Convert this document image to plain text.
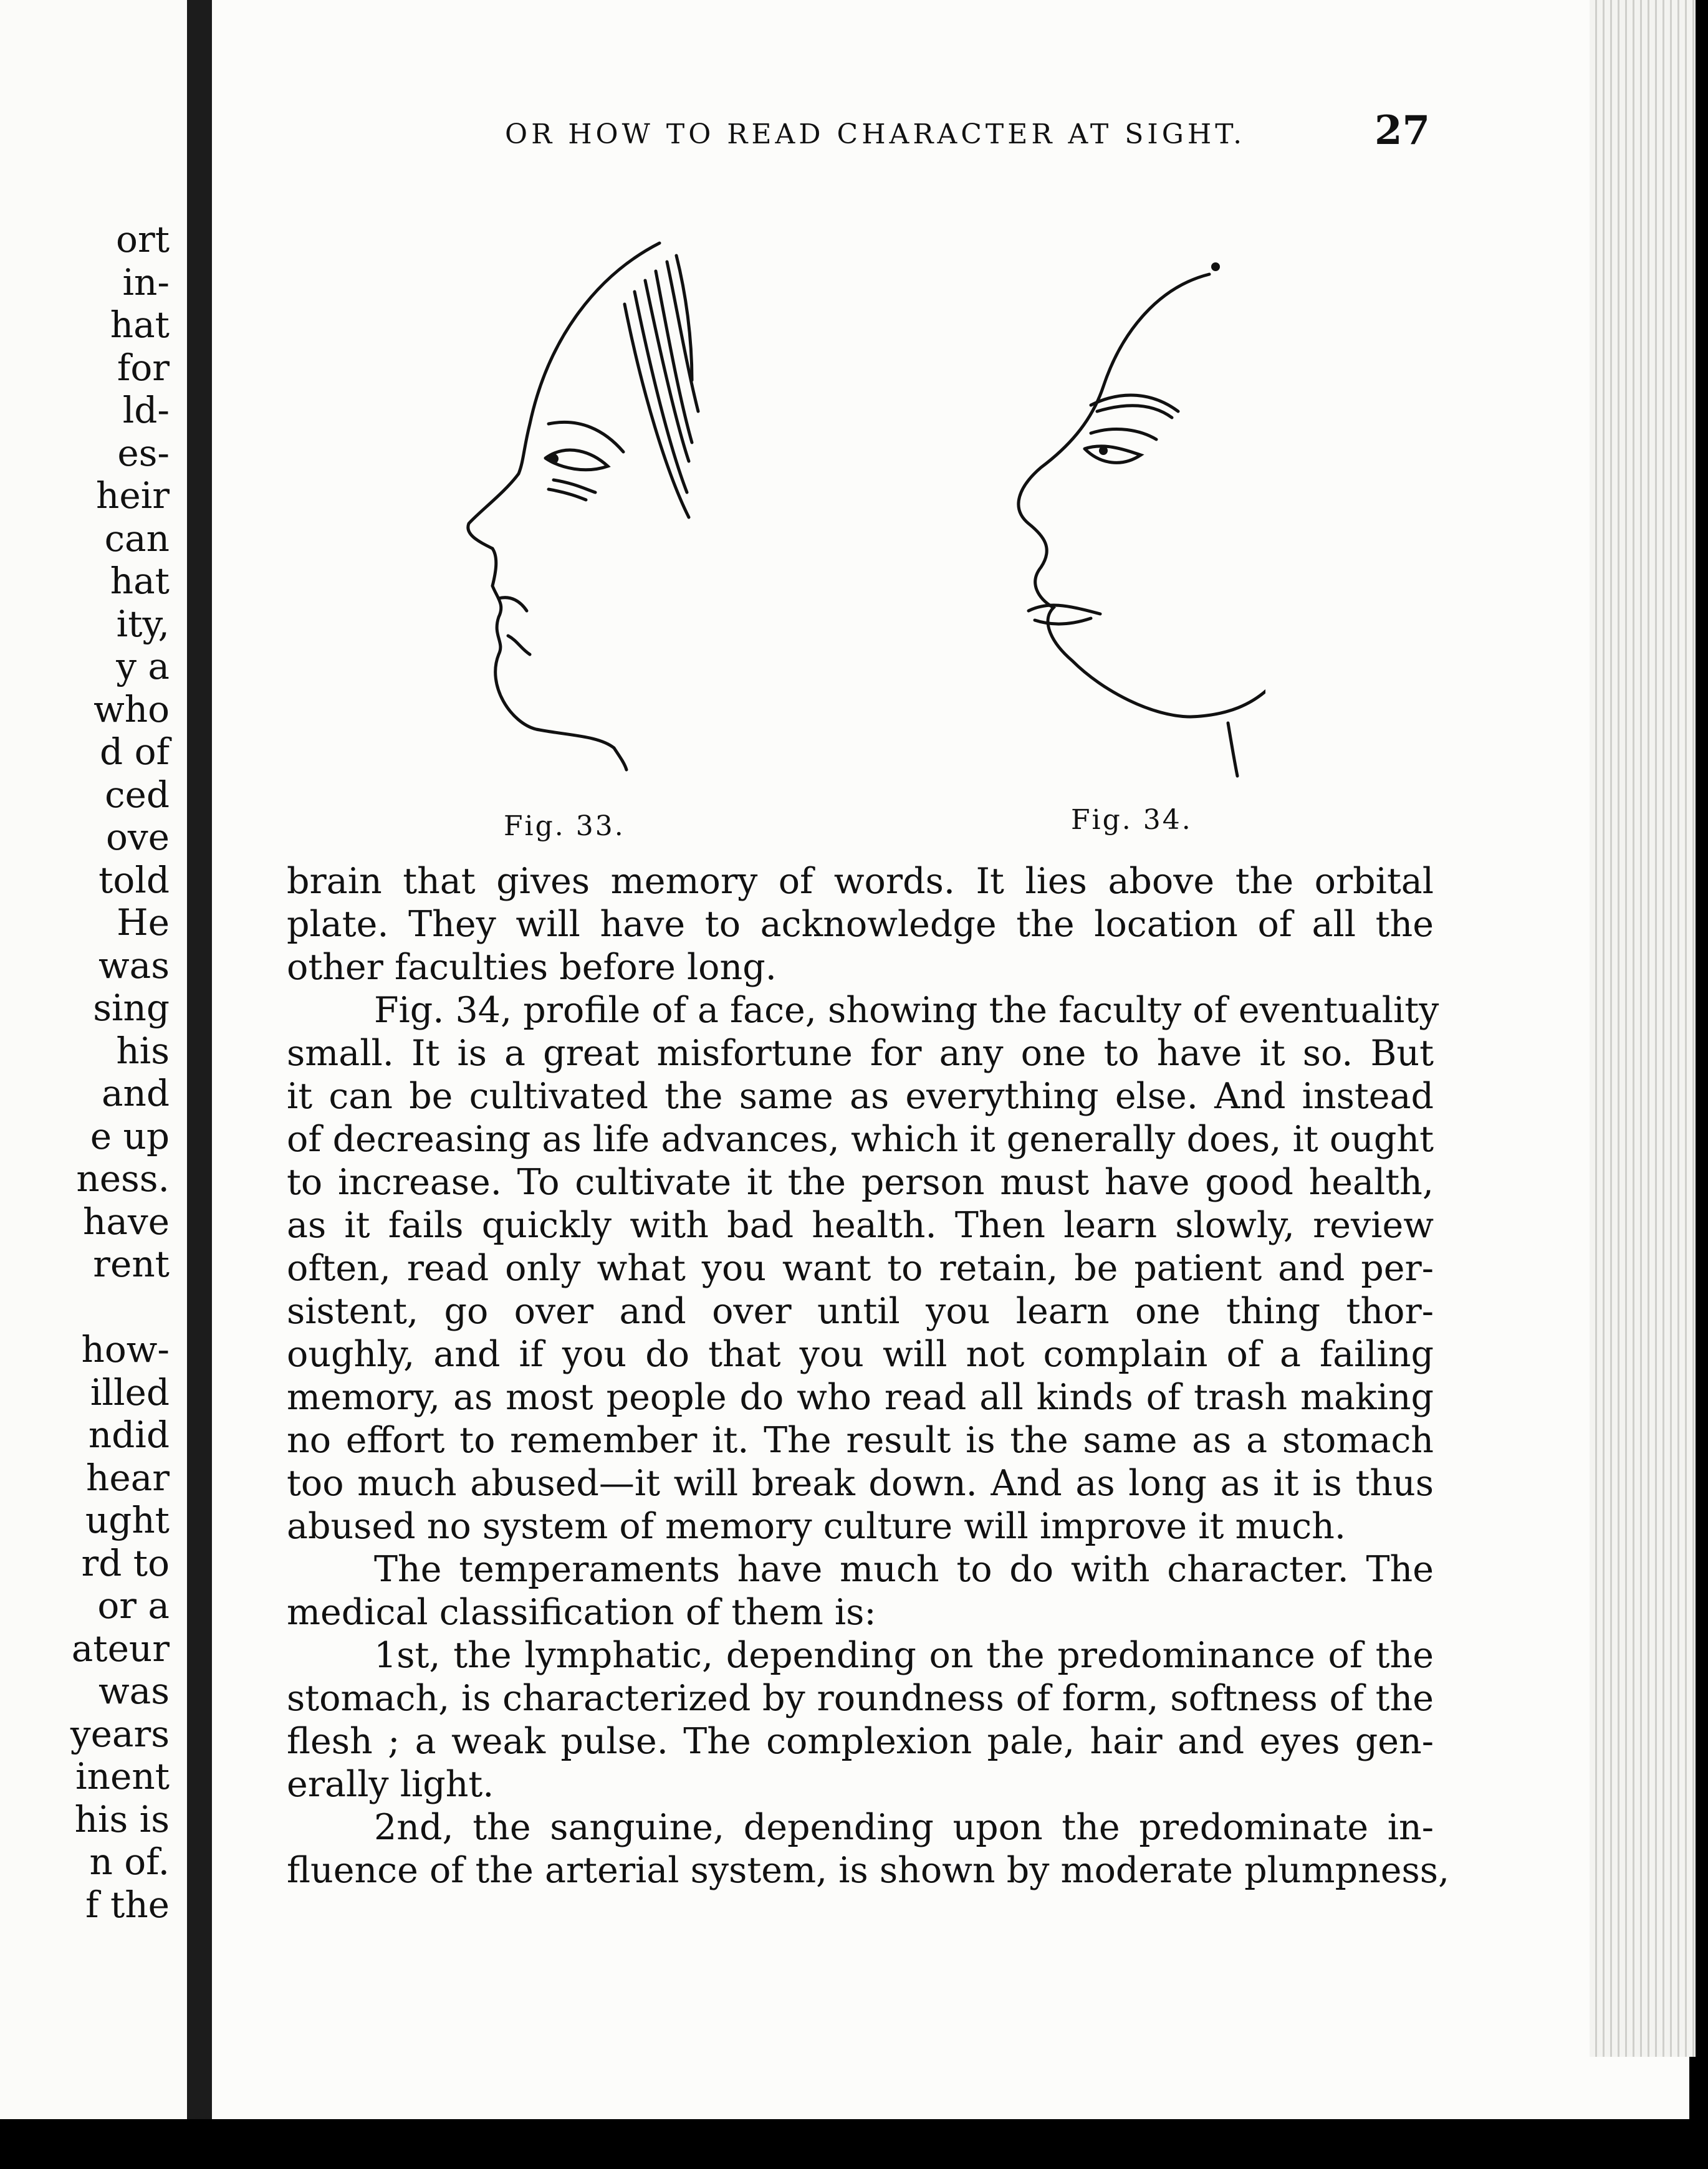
ort
in-
hat
for
ld-
es-
heir
can
hat
ity,
y a
who
d of
ced
ove
told
He
was
sing
his
and
e up
ness.
have
rent
how-
illed
ndid
hear
ught
rd to
or a
ateur
was
years
inent
his is
n of.
f the
OR HOW TO READ CHARACTER AT SIGHT.	27
Fig. 33.	Fig. 34.
brain that gives memory of words. It lies above the orbital
plate. They will have to acknowledge the location of all the
other faculties before long.
Fig. 34, profile of a face, showing the faculty of eventuality
small. It is a great misfortune for any one to have it so. But
it can be cultivated the same as everything else. And instead
of decreasing as life advances, which it generally does, it ought
to increase. To cultivate it the person must have good health,
as it fails quickly with bad health. Then learn slowly, review
often, read only what you want to retain, be patient and per-
sistent, go over and over until you learn one thing thor-
oughly, and if you do that you will not complain of a failing
memory, as most people do who read all kinds of trash making
no effort to remember it. The result is the same as a stomach
too much abused—it will break down. And as long as it is thus
abused no system of memory culture will improve it much.
The temperaments have much to do with character. The
medical classification of them is:
1st, the lymphatic, depending on the predominance of the
stomach, is characterized by roundness of form, softness of the
flesh ; a weak pulse. The complexion pale, hair and eyes gen-
erally light.
2nd, the sanguine, depending upon the predominate in-
fluence of the arterial system, is shown by moderate plumpness,
